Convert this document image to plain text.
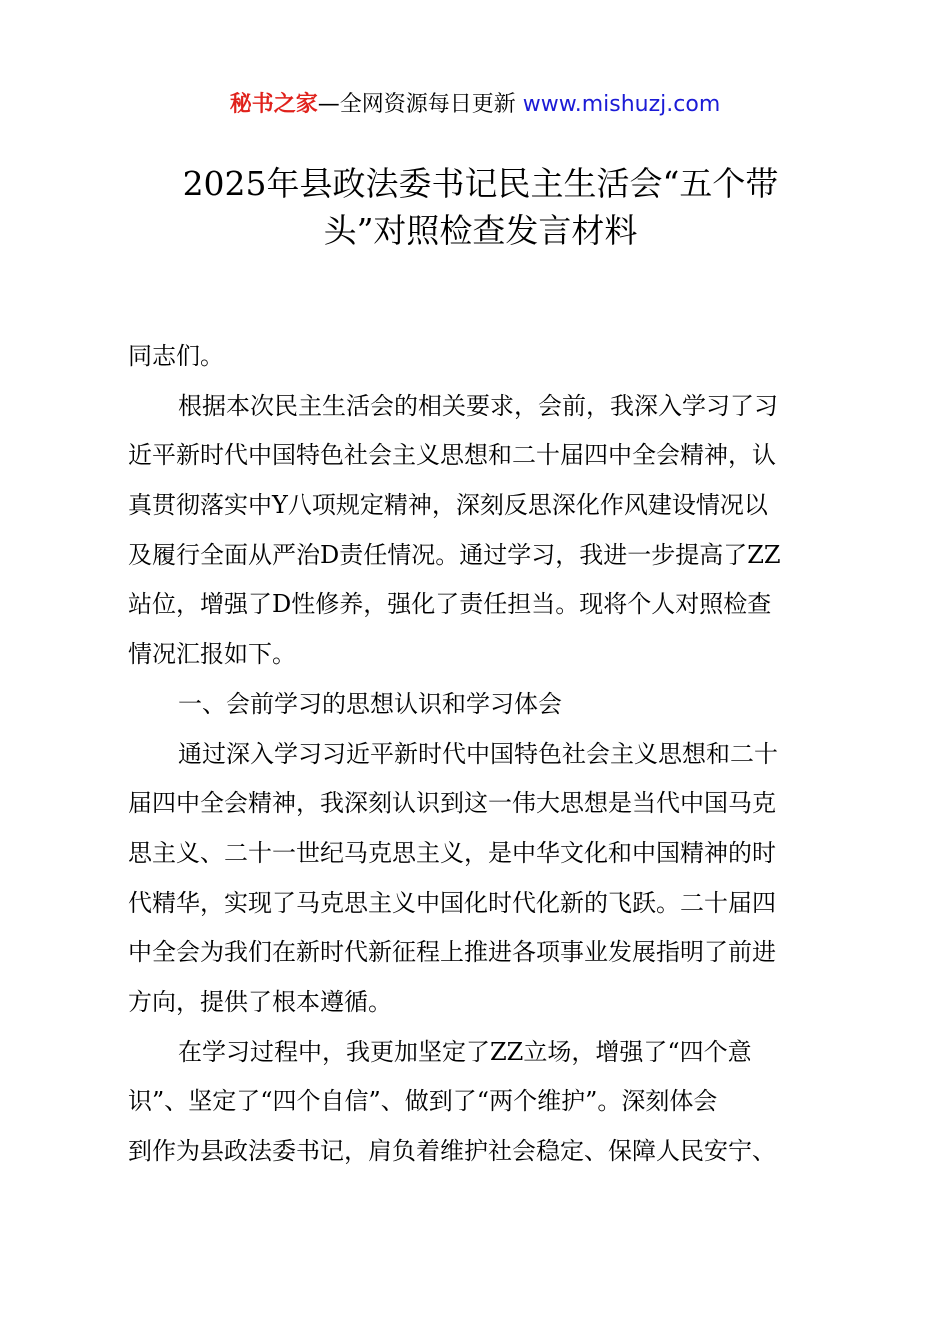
秘书之家—全网资源每日更新 www.mishuzj.com
2025年县政法委书记民主生活会“五个带
头”对照检查发言材料
同志们。
根据本次民主生活会的相关要求，会前，我深入学习了习
近平新时代中国特色社会主义思想和二十届四中全会精神，认
真贯彻落实中Y八项规定精神，深刻反思深化作风建设情况以
及履行全面从严治D责任情况。通过学习，我进一步提高了ZZ
站位，增强了D性修养，强化了责任担当。现将个人对照检查
情况汇报如下。
一、会前学习的思想认识和学习体会
通过深入学习习近平新时代中国特色社会主义思想和二十
届四中全会精神，我深刻认识到这一伟大思想是当代中国马克
思主义、二十一世纪马克思主义，是中华文化和中国精神的时
代精华，实现了马克思主义中国化时代化新的飞跃。二十届四
中全会为我们在新时代新征程上推进各项事业发展指明了前进
方向，提供了根本遵循。
在学习过程中，我更加坚定了ZZ立场，增强了“四个意
识”、坚定了“四个自信”、做到了“两个维护”。深刻体会
到作为县政法委书记，肩负着维护社会稳定、保障人民安宁、
